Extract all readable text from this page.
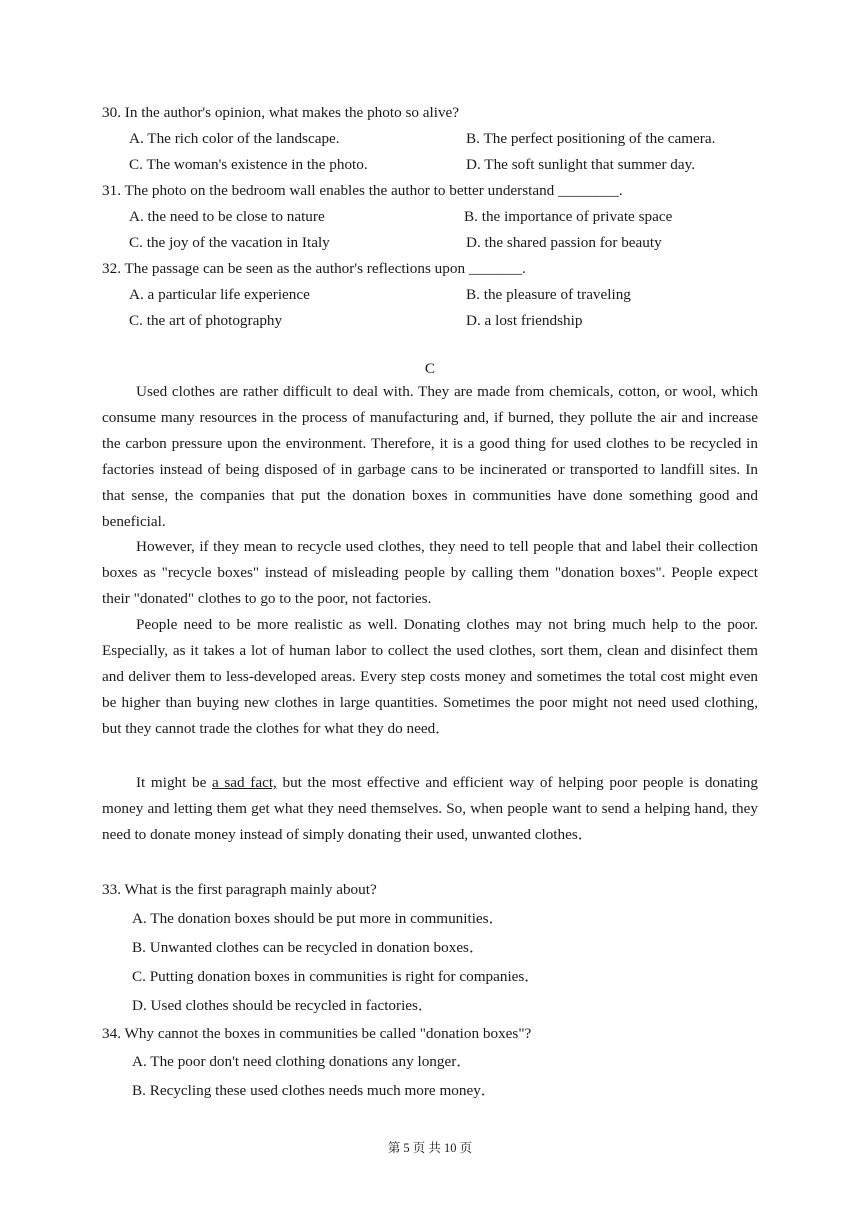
30. In the author's opinion, what makes the photo so alive?
A. The rich color of the landscape.	B. The perfect positioning of the camera.
C. The woman's existence in the photo.	D. The soft sunlight that summer day.
31. The photo on the bedroom wall enables the author to better understand ________.
A. the need to be close to nature	B. the importance of private space
C. the joy of the vacation in Italy	D. the shared passion for beauty
32. The passage can be seen as the author's reflections upon _______.
A. a particular life experience	B. the pleasure of traveling
C. the art of photography	D. a lost friendship
C
Used clothes are rather difficult to deal with. They are made from chemicals, cotton, or wool, which consume many resources in the process of manufacturing and, if burned, they pollute the air and increase the carbon pressure upon the environment. Therefore, it is a good thing for used clothes to be recycled in factories instead of being disposed of in garbage cans to be incinerated or transported to landfill sites. In that sense, the companies that put the donation boxes in communities have done something good and beneficial.
However, if they mean to recycle used clothes, they need to tell people that and label their collection boxes as "recycle boxes" instead of misleading people by calling them "donation boxes". People expect their "donated" clothes to go to the poor, not factories.
People need to be more realistic as well. Donating clothes may not bring much help to the poor. Especially, as it takes a lot of human labor to collect the used clothes, sort them, clean and disinfect them and deliver them to less-developed areas. Every step costs money and sometimes the total cost might even be higher than buying new clothes in large quantities. Sometimes the poor might not need used clothing, but they cannot trade the clothes for what they do need．
It might be a sad fact, but the most effective and efficient way of helping poor people is donating money and letting them get what they need themselves. So, when people want to send a helping hand, they need to donate money instead of simply donating their used, unwanted clothes．
33. What is the first paragraph mainly about?
A. The donation boxes should be put more in communities．
B. Unwanted clothes can be recycled in donation boxes．
C. Putting donation boxes in communities is right for companies．
D. Used clothes should be recycled in factories．
34. Why cannot the boxes in communities be called "donation boxes"?
A. The poor don't need clothing donations any longer．
B. Recycling these used clothes needs much more money．
第 5 页 共 10 页
